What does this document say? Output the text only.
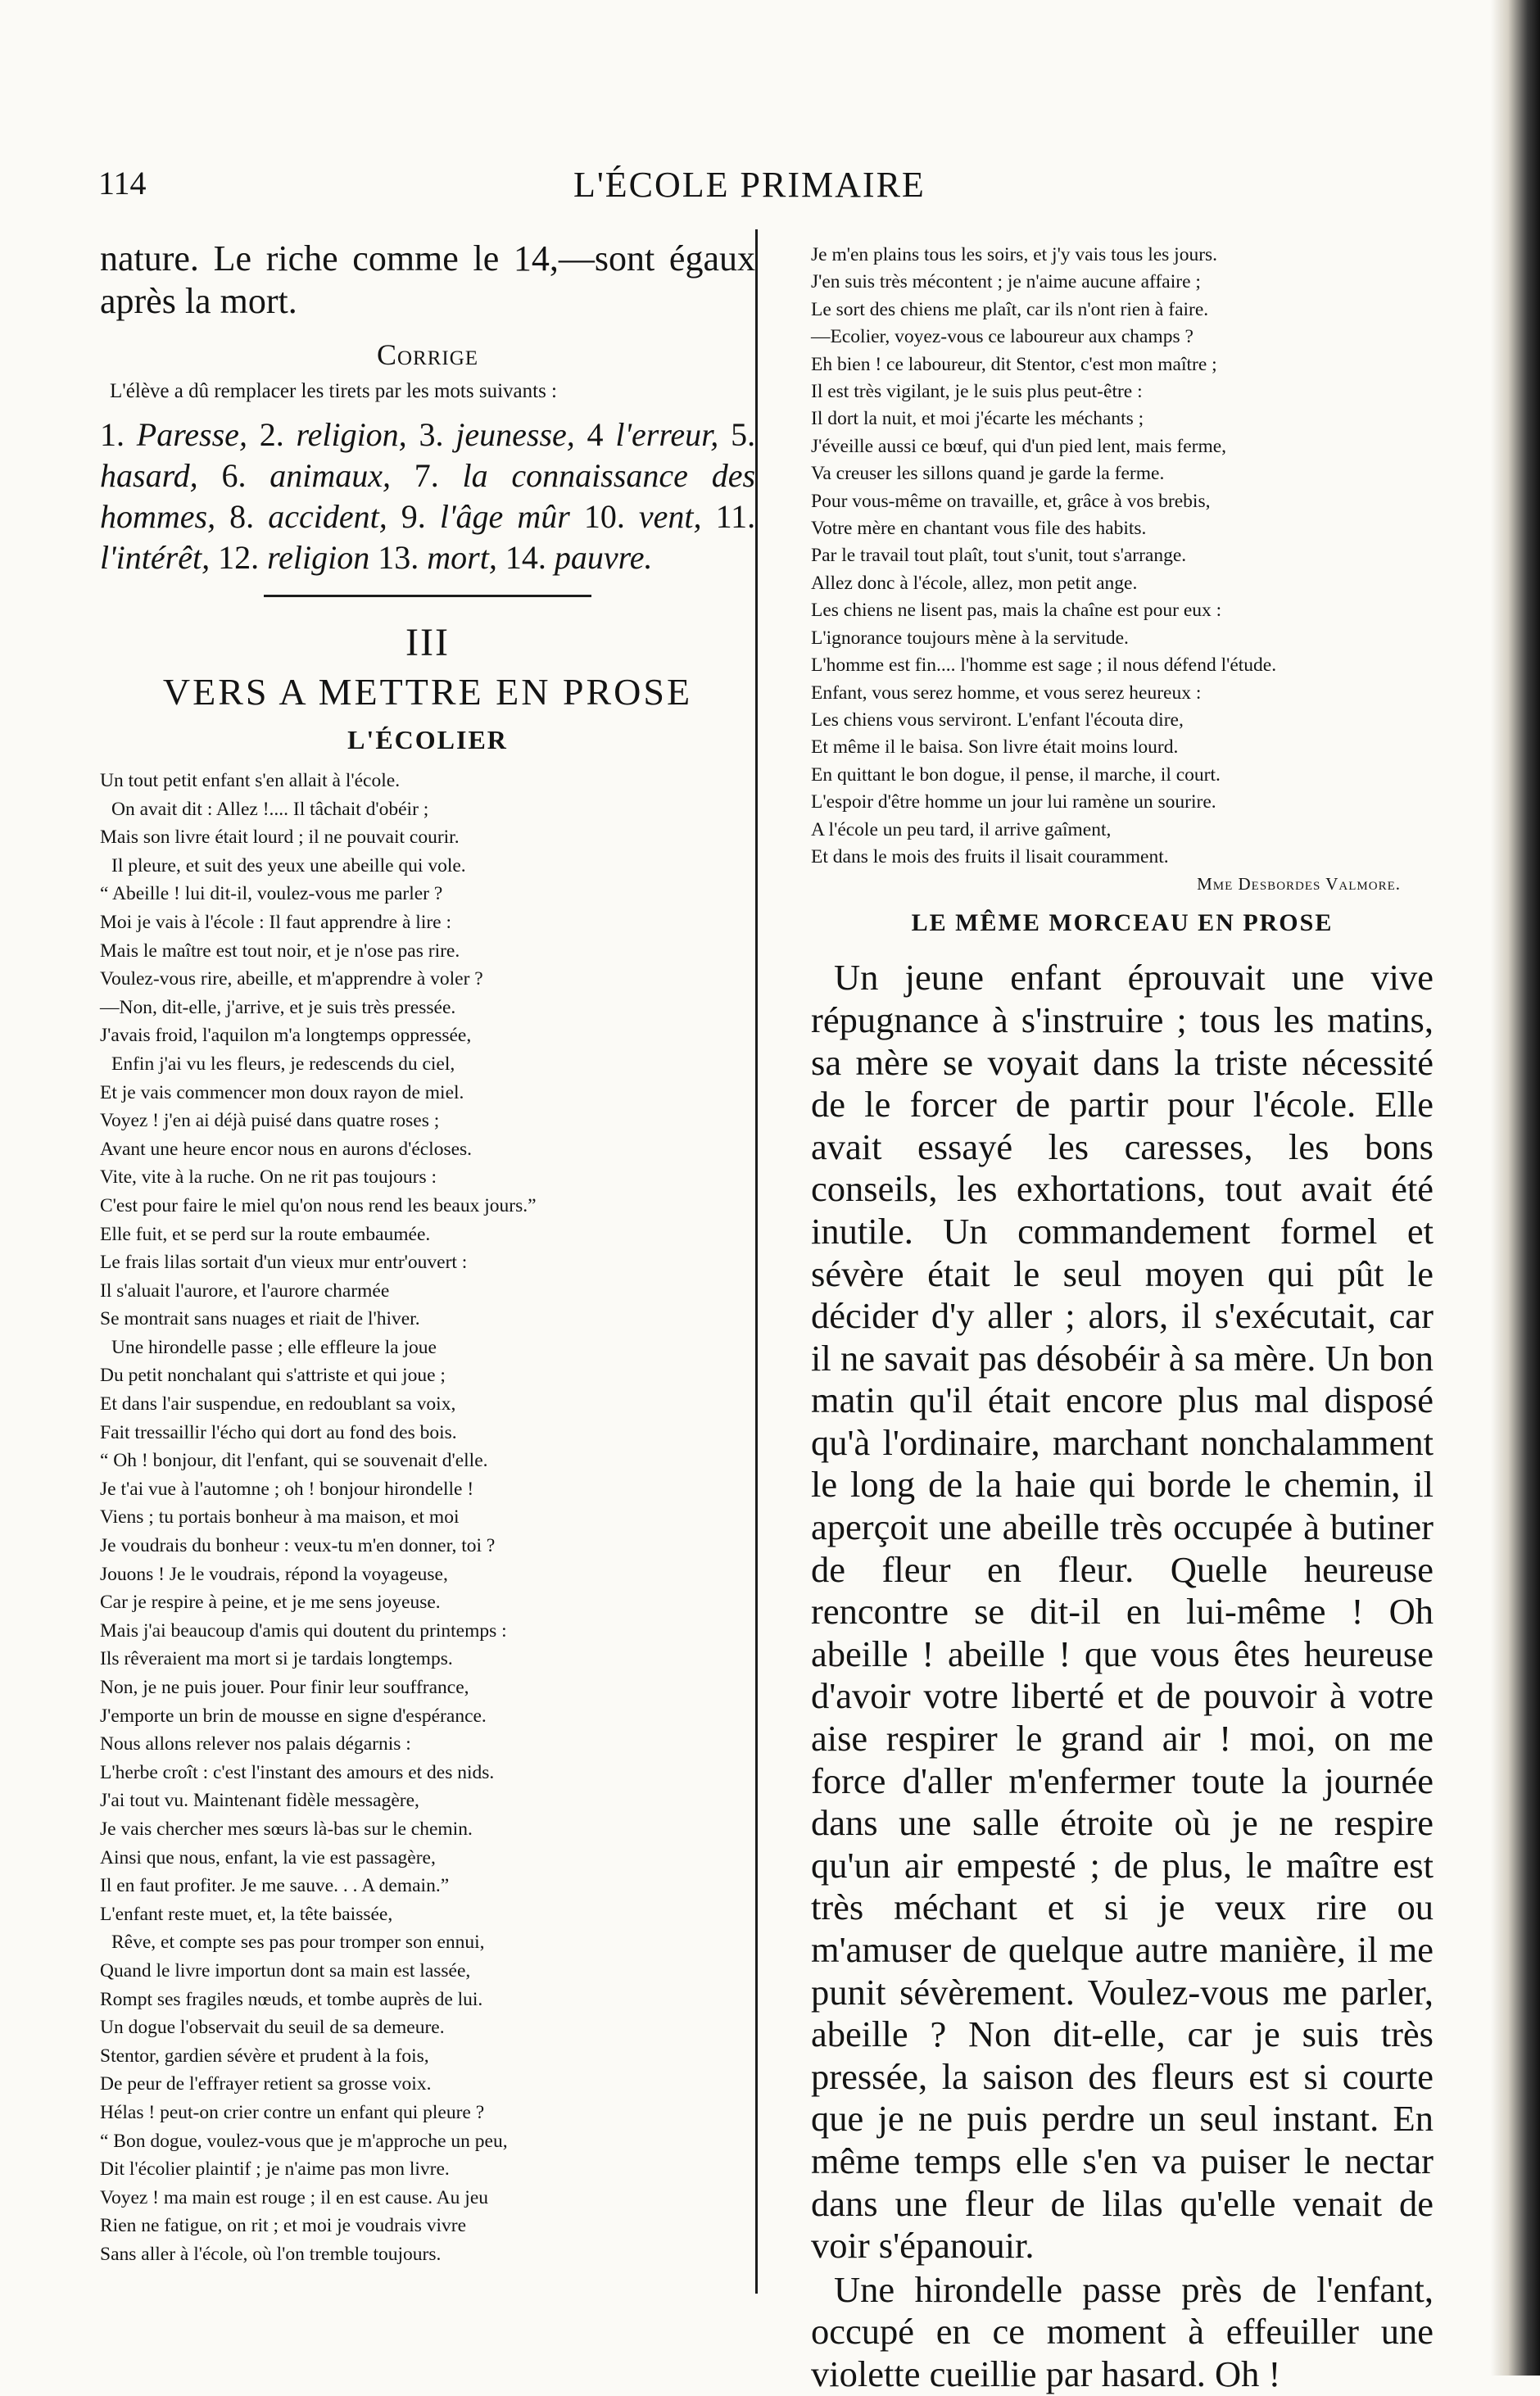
114	L'ÉCOLE PRIMAIRE

nature. Le riche comme le 14,—sont égaux après la mort.

Corrige
L'élève a dû remplacer les tirets par les mots suivants :

1. Paresse, 2. religion, 3. jeunesse, 4 l'erreur, 5. hasard, 6. animaux, 7. la connaissance des hommes, 8. accident, 9. l'âge mûr 10. vent, 11. l'intérêt, 12. religion 13. mort, 14. pauvre.

III
VERS A METTRE EN PROSE
L'ÉCOLIER
Un tout petit enfant s'en allait à l'école.
On avait dit : Allez !.... Il tâchait d'obéir ;
Mais son livre était lourd ; il ne pouvait courir.
Il pleure, et suit des yeux une abeille qui vole.
“ Abeille ! lui dit-il, voulez-vous me parler ?
Moi je vais à l'école : Il faut apprendre à lire :
Mais le maître est tout noir, et je n'ose pas rire.
Voulez-vous rire, abeille, et m'apprendre à voler ?
—Non, dit-elle, j'arrive, et je suis très pressée.
J'avais froid, l'aquilon m'a longtemps oppressée,
Enfin j'ai vu les fleurs, je redescends du ciel,
Et je vais commencer mon doux rayon de miel.
Voyez ! j'en ai déjà puisé dans quatre roses ;
Avant une heure encor nous en aurons d'écloses.
Vite, vite à la ruche. On ne rit pas toujours :
C'est pour faire le miel qu'on nous rend les beaux jours.”
Elle fuit, et se perd sur la route embaumée.
Le frais lilas sortait d'un vieux mur entr'ouvert :
Il s'aluait l'aurore, et l'aurore charmée
Se montrait sans nuages et riait de l'hiver.
Une hirondelle passe ; elle effleure la joue
Du petit nonchalant qui s'attriste et qui joue ;
Et dans l'air suspendue, en redoublant sa voix,
Fait tressaillir l'écho qui dort au fond des bois.
“ Oh ! bonjour, dit l'enfant, qui se souvenait d'elle.
Je t'ai vue à l'automne ; oh ! bonjour hirondelle !
Viens ; tu portais bonheur à ma maison, et moi
Je voudrais du bonheur : veux-tu m'en donner, toi ?
Jouons ! Je le voudrais, répond la voyageuse,
Car je respire à peine, et je me sens joyeuse.
Mais j'ai beaucoup d'amis qui doutent du printemps :
Ils rêveraient ma mort si je tardais longtemps.
Non, je ne puis jouer. Pour finir leur souffrance,
J'emporte un brin de mousse en signe d'espérance.
Nous allons relever nos palais dégarnis :
L'herbe croît : c'est l'instant des amours et des nids.
J'ai tout vu. Maintenant fidèle messagère,
Je vais chercher mes sœurs là-bas sur le chemin.
Ainsi que nous, enfant, la vie est passagère,
Il en faut profiter. Je me sauve. . . A demain.”
L'enfant reste muet, et, la tête baissée,
Rêve, et compte ses pas pour tromper son ennui,
Quand le livre importun dont sa main est lassée,
Rompt ses fragiles nœuds, et tombe auprès de lui.
Un dogue l'observait du seuil de sa demeure.
Stentor, gardien sévère et prudent à la fois,
De peur de l'effrayer retient sa grosse voix.
Hélas ! peut-on crier contre un enfant qui pleure ?
“ Bon dogue, voulez-vous que je m'approche un peu,
Dit l'écolier plaintif ; je n'aime pas mon livre.
Voyez ! ma main est rouge ; il en est cause. Au jeu
Rien ne fatigue, on rit ; et moi je voudrais vivre
Sans aller à l'école, où l'on tremble toujours.
Je m'en plains tous les soirs, et j'y vais tous les jours.
J'en suis très mécontent ; je n'aime aucune affaire ;
Le sort des chiens me plaît, car ils n'ont rien à faire.
—Ecolier, voyez-vous ce laboureur aux champs ?
Eh bien ! ce laboureur, dit Stentor, c'est mon maître ;
Il est très vigilant, je le suis plus peut-être :
Il dort la nuit, et moi j'écarte les méchants ;
J'éveille aussi ce bœuf, qui d'un pied lent, mais ferme,
Va creuser les sillons quand je garde la ferme.
Pour vous-même on travaille, et, grâce à vos brebis,
Votre mère en chantant vous file des habits.
Par le travail tout plaît, tout s'unit, tout s'arrange.
Allez donc à l'école, allez, mon petit ange.
Les chiens ne lisent pas, mais la chaîne est pour eux :
L'ignorance toujours mène à la servitude.
L'homme est fin.... l'homme est sage ; il nous défend l'étude.
Enfant, vous serez homme, et vous serez heureux :
Les chiens vous serviront. L'enfant l'écouta dire,
Et même il le baisa. Son livre était moins lourd.
En quittant le bon dogue, il pense, il marche, il court.
L'espoir d'être homme un jour lui ramène un sourire.
A l'école un peu tard, il arrive gaîment,
Et dans le mois des fruits il lisait couramment.
Mme Desbordes Valmore.
LE MÊME MORCEAU EN PROSE

Un jeune enfant éprouvait une vive répugnance à s'instruire ; tous les matins, sa mère se voyait dans la triste nécessité de le forcer de partir pour l'école. Elle avait essayé les caresses, les bons conseils, les exhortations, tout avait été inutile. Un commandement formel et sévère était le seul moyen qui pût le décider d'y aller ; alors, il s'exécutait, car il ne savait pas désobéir à sa mère. Un bon matin qu'il était encore plus mal disposé qu'à l'ordinaire, marchant nonchalamment le long de la haie qui borde le chemin, il aperçoit une abeille très occupée à butiner de fleur en fleur. Quelle heureuse rencontre se dit-il en lui-même ! Oh abeille ! abeille ! que vous êtes heureuse d'avoir votre liberté et de pouvoir à votre aise respirer le grand air ! moi, on me force d'aller m'enfermer toute la journée dans une salle étroite où je ne respire qu'un air empesté ; de plus, le maître est très méchant et si je veux rire ou m'amuser de quelque autre manière, il me punit sévèrement. Voulez-vous me parler, abeille ? Non dit-elle, car je suis très pressée, la saison des fleurs est si courte que je ne puis perdre un seul instant. En même temps elle s'en va puiser le nectar dans une fleur de lilas qu'elle venait de voir s'épanouir.

Une hirondelle passe près de l'enfant, occupé en ce moment à effeuiller une violette cueillie par hasard. Oh !
